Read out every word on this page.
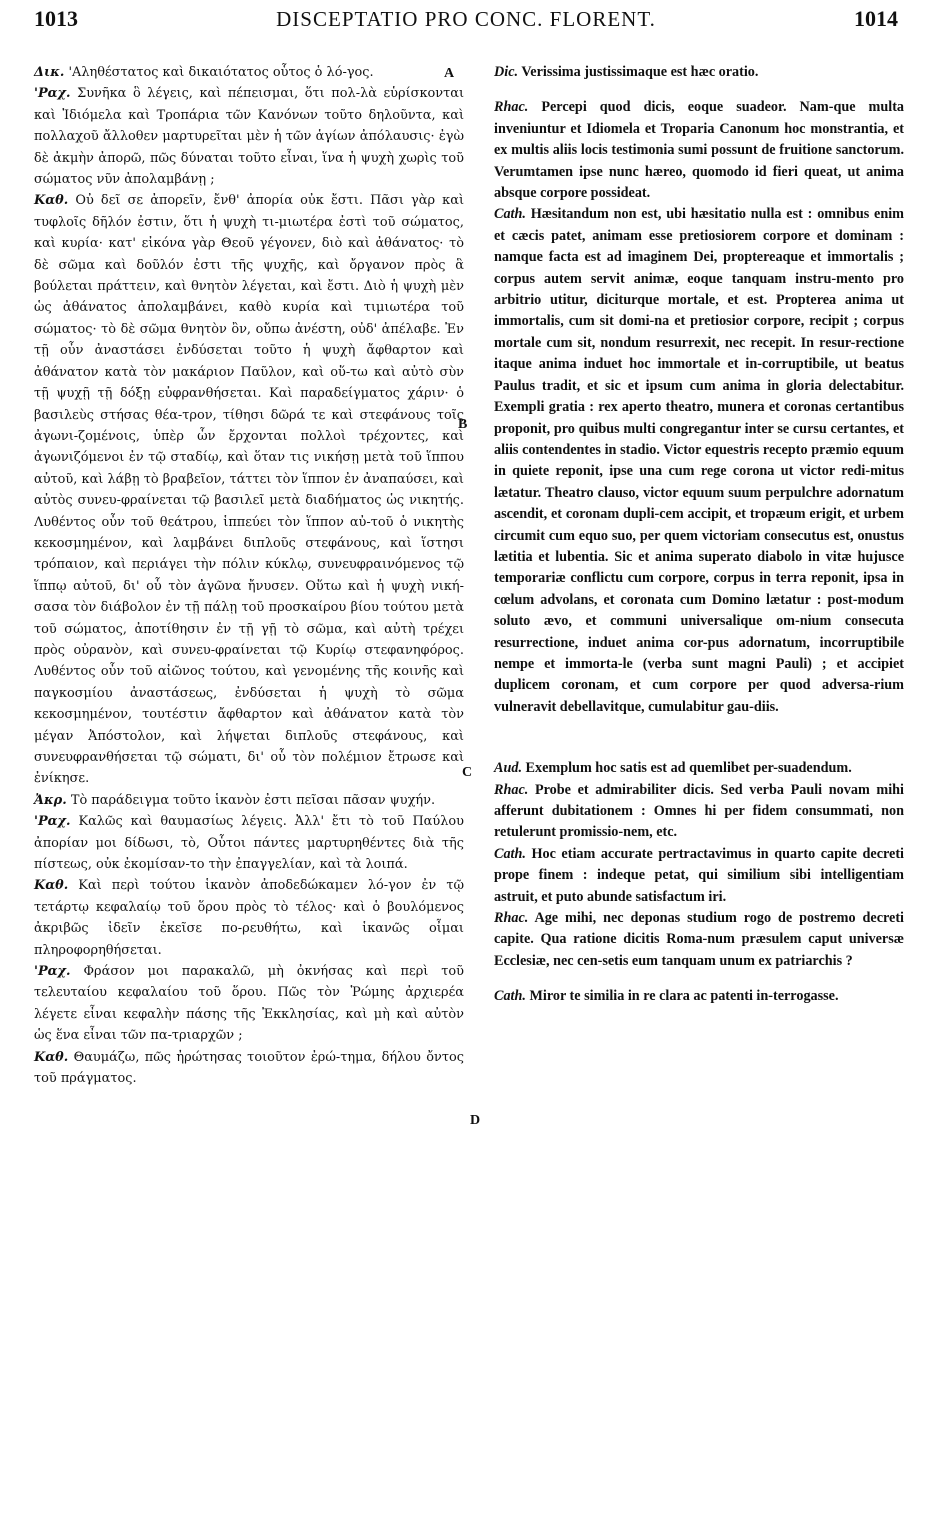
1013	DISCEPTATIO PRO CONC. FLORENT.	1014
A
B
C
D

Δικ. 'Αληθέστατος καὶ δικαιότατος οὗτος ὁ λό-γος.

'Ραχ. Συνῆκα ὃ λέγεις, καὶ πέπεισμαι, ὅτι πολ-λὰ εὑρίσκονται καὶ Ἰδιόμελα καὶ Τροπάρια τῶν Κανόνων τοῦτο δηλοῦντα, καὶ πολλαχοῦ ἄλλοθεν μαρτυρεῖται μὲν ἡ τῶν ἁγίων ἀπόλαυσις· ἐγὼ δὲ ἀκμὴν ἀπορῶ, πῶς δύναται τοῦτο εἶναι, ἵνα ἡ ψυχὴ χωρὶς τοῦ σώματος νῦν ἀπολαμβάνῃ ;

Καθ. Οὐ δεῖ σε ἀπορεῖν, ἔνθ' ἀπορία οὐκ ἔστι. Πᾶσι γὰρ καὶ τυφλοῖς δῆλόν ἐστιν, ὅτι ἡ ψυχὴ τι-μιωτέρα ἐστὶ τοῦ σώματος, καὶ κυρία· κατ' εἰκόνα γὰρ Θεοῦ γέγονεν, διὸ καὶ ἀθάνατος· τὸ δὲ σῶμα καὶ δοῦλόν ἐστι τῆς ψυχῆς, καὶ ὄργανον πρὸς ἃ βούλεται πράττειν, καὶ θνητὸν λέγεται, καὶ ἔστι. Διὸ ἡ ψυχὴ μὲν ὡς ἀθάνατος ἀπολαμβάνει, καθὸ κυρία καὶ τιμιωτέρα τοῦ σώματος· τὸ δὲ σῶμα θνητὸν ὂν, οὔπω ἀνέστη, οὐδ' ἀπέλαβε. Ἐν τῇ οὖν ἀναστάσει ἐνδύσεται τοῦτο ἡ ψυχὴ ἄφθαρτον καὶ ἀθάνατον κατὰ τὸν μακάριον Παῦλον, καὶ οὕ-τω καὶ αὐτὸ σὺν τῇ ψυχῇ τῇ δόξῃ εὐφρανθήσεται. Καὶ παραδείγματος χάριν· ὁ βασιλεὺς στήσας θέα-τρον, τίθησι δῶρά τε καὶ στεφάνους τοῖς ἀγωνι-ζομένοις, ὑπὲρ ὧν ἔρχονται πολλοὶ τρέχοντες, καὶ ἀγωνιζόμενοι ἐν τῷ σταδίῳ, καὶ ὅταν τις νικήσῃ μετὰ τοῦ ἵππου αὐτοῦ, καὶ λάβῃ τὸ βραβεῖον, τάττει τὸν ἵππον ἐν ἀναπαύσει, καὶ αὐτὸς συνευ-φραίνεται τῷ βασιλεῖ μετὰ διαδήματος ὡς νικητής. Λυθέντος οὖν τοῦ θεάτρου, ἱππεύει τὸν ἵππον αὐ-τοῦ ὁ νικητὴς κεκοσμημένον, καὶ λαμβάνει διπλοῦς στεφάνους, καὶ ἵστησι τρόπαιον, καὶ περιάγει τὴν πόλιν κύκλῳ, συνευφραινόμενος τῷ ἵππῳ αὐτοῦ, δι' οὗ τὸν ἀγῶνα ἤνυσεν. Οὕτω καὶ ἡ ψυχὴ νική-σασα τὸν διάβολον ἐν τῇ πάλῃ τοῦ προσκαίρου βίου τούτου μετὰ τοῦ σώματος, ἀποτίθησιν ἐν τῇ γῇ τὸ σῶμα, καὶ αὐτὴ τρέχει πρὸς οὐρανὸν, καὶ συνευ-φραίνεται τῷ Κυρίῳ στεφανηφόρος. Λυθέντος οὖν τοῦ αἰῶνος τούτου, καὶ γενομένης τῆς κοινῆς καὶ παγκοσμίου ἀναστάσεως, ἐνδύσεται ἡ ψυχὴ τὸ σῶμα κεκοσμημένον, τουτέστιν ἄφθαρτον καὶ ἀθάνατον κατὰ τὸν μέγαν Ἀπόστολον, καὶ λήψεται διπλοῦς στεφάνους, καὶ συνευφρανθήσεται τῷ σώματι, δι' οὗ τὸν πολέμιον ἔτρωσε καὶ ἐνίκησε.

Ἀκρ. Τὸ παράδειγμα τοῦτο ἱκανὸν ἐστι πεῖσαι πᾶσαν ψυχήν.

'Ραχ. Καλῶς καὶ θαυμασίως λέγεις. Ἀλλ' ἔτι τὸ τοῦ Παύλου ἀπορίαν μοι δίδωσι, τὸ, Οὗτοι πάντες μαρτυρηθέντες διὰ τῆς πίστεως, οὐκ ἐκομίσαν-το τὴν ἐπαγγελίαν, καὶ τὰ λοιπά.

Καθ. Καὶ περὶ τούτου ἱκανὸν ἀποδεδώκαμεν λό-γον ἐν τῷ τετάρτῳ κεφαλαίῳ τοῦ ὅρου πρὸς τὸ τέλος· καὶ ὁ βουλόμενος ἀκριβῶς ἰδεῖν ἐκεῖσε πο-ρευθήτω, καὶ ἱκανῶς οἶμαι πληροφορηθήσεται.

'Ραχ. Φράσον μοι παρακαλῶ, μὴ ὀκνήσας καὶ περὶ τοῦ τελευταίου κεφαλαίου τοῦ ὅρου. Πῶς τὸν Ῥώμης ἀρχιερέα λέγετε εἶναι κεφαλὴν πάσης τῆς Ἐκκλησίας, καὶ μὴ καὶ αὐτὸν ὡς ἕνα εἶναι τῶν πα-τριαρχῶν ;

Καθ. Θαυμάζω, πῶς ἠρώτησας τοιοῦτον ἐρώ-τημα, δήλου ὄντος τοῦ πράγματος.

Dic. Verissima justissimaque est hæc oratio.

Rhac. Percepi quod dicis, eoque suadeor. Nam-que multa inveniuntur et Idiomela et Troparia Canonum hoc monstrantia, et ex multis aliis locis testimonia sumi possunt de fruitione sanctorum. Verumtamen ipse nunc hæreo, quomodo id fieri queat, ut anima absque corpore possideat.

Cath. Hæsitandum non est, ubi hæsitatio nulla est : omnibus enim et cæcis patet, animam esse pretiosiorem corpore et dominam : namque facta est ad imaginem Dei, proptereaque et immortalis ; corpus autem servit animæ, eoque tanquam instru-mento pro arbitrio utitur, diciturque mortale, et est. Propterea anima ut immortalis, cum sit domi-na et pretiosior corpore, recipit ; corpus mortale cum sit, nondum resurrexit, nec recepit. In resur-rectione itaque anima induet hoc immortale et in-corruptibile, ut beatus Paulus tradit, et sic et ipsum cum anima in gloria delectabitur. Exempli gratia : rex aperto theatro, munera et coronas certantibus proponit, pro quibus multi congregantur inter se cursu certantes, et aliis contendentes in stadio. Victor equestris recepto præmio equum in quiete reponit, ipse una cum rege corona ut victor redi-mitus lætatur. Theatro clauso, victor equum suum perpulchre adornatum ascendit, et coronam dupli-cem accipit, et tropæum erigit, et urbem circumit cum equo suo, per quem victoriam consecutus est, onustus lætitia et lubentia. Sic et anima superato diabolo in vitæ hujusce temporariæ conflictu cum corpore, corpus in terra reponit, ipsa in cœlum advolans, et coronata cum Domino lætatur : post-modum soluto ævo, et communi universalique om-nium consecuta resurrectione, induet anima cor-pus adornatum, incorruptibile nempe et immorta-le (verba sunt magni Pauli) ; et accipiet duplicem coronam, et cum corpore per quod adversa-rium vulneravit debellavitque, cumulabitur gau-diis.

Aud. Exemplum hoc satis est ad quemlibet per-suadendum.

Rhac. Probe et admirabiliter dicis. Sed verba Pauli novam mihi afferunt dubitationem : Omnes hi per fidem consummati, non retulerunt promissio-nem, etc.

Cath. Hoc etiam accurate pertractavimus in quarto capite decreti prope finem : indeque petat, qui similium sibi intelligentiam astruit, et puto abunde satisfactum iri.

Rhac. Age mihi, nec deponas studium rogo de postremo decreti capite. Qua ratione dicitis Roma-num præsulem caput universæ Ecclesiæ, nec cen-setis eum tanquam unum ex patriarchis ?

Cath. Miror te similia in re clara ac patenti in-terrogasse.
